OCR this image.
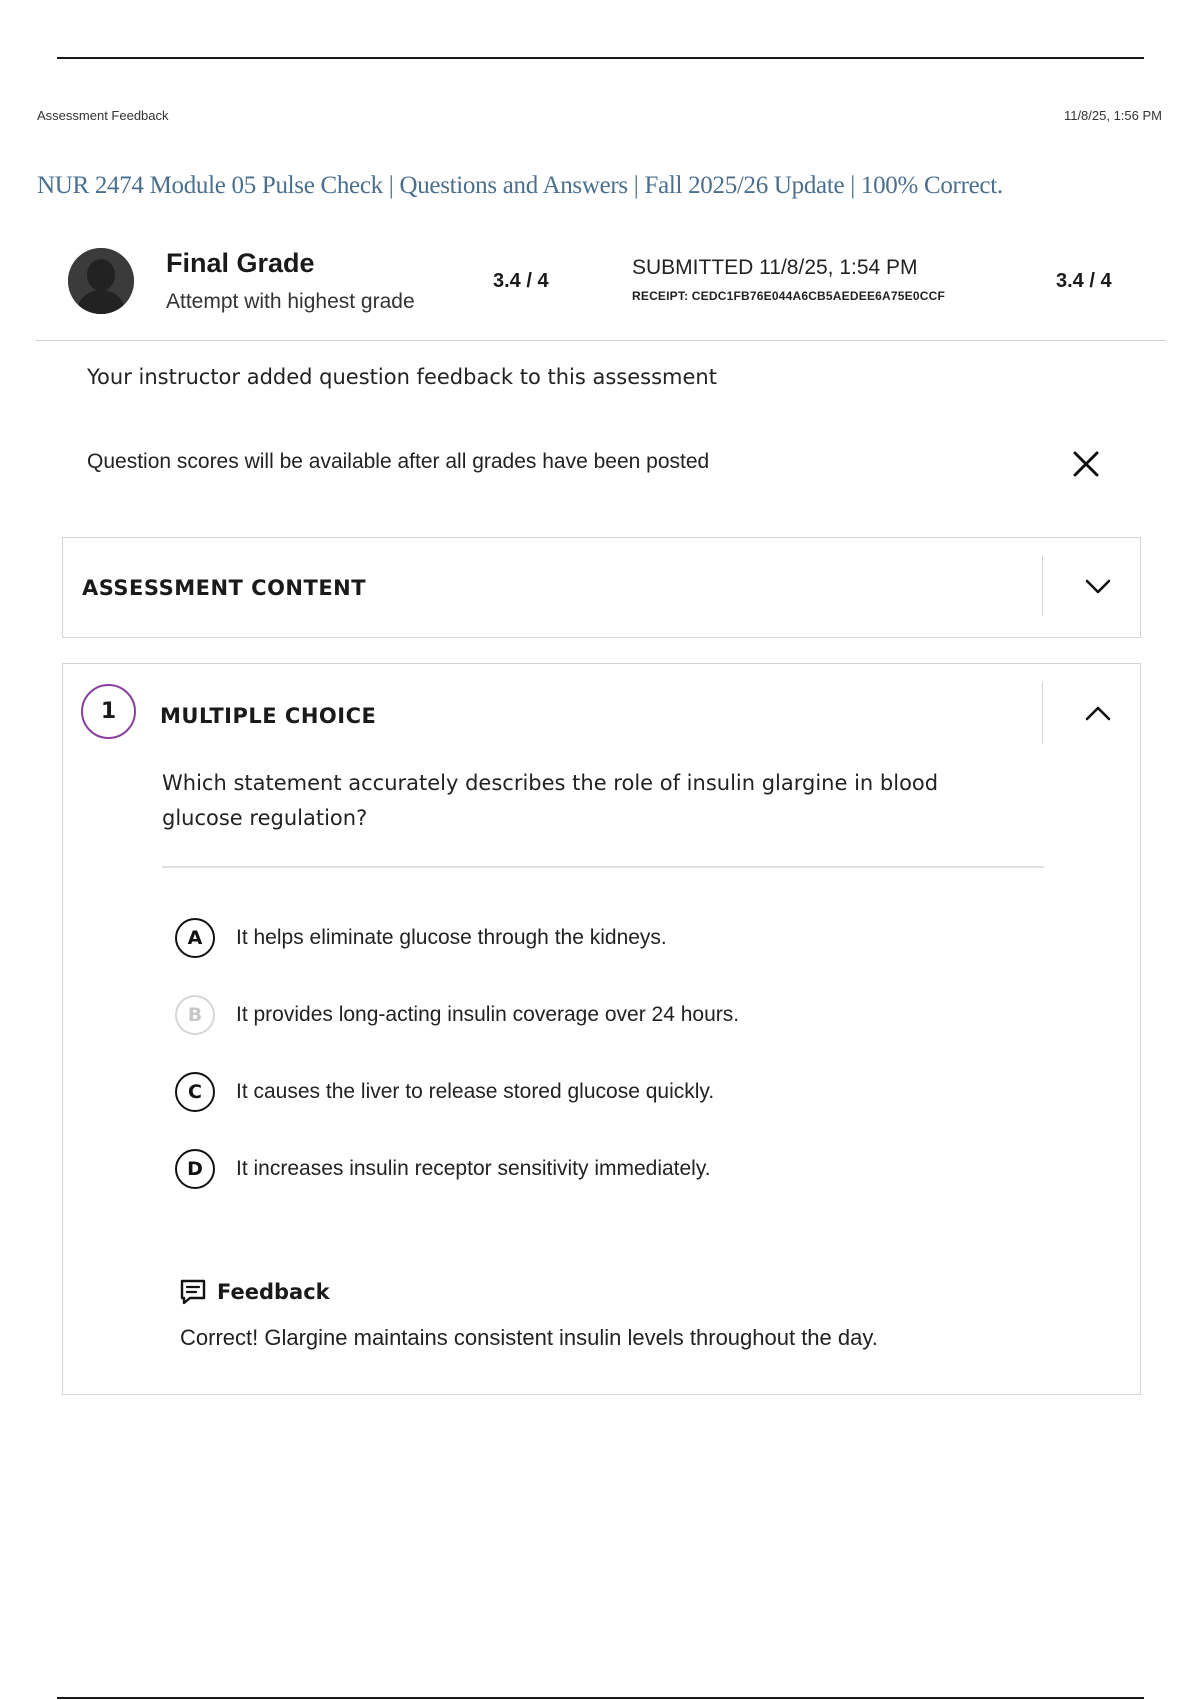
Assessment Feedback	11/8/25, 1:56 PM
NUR 2474 Module 05 Pulse Check | Questions and Answers | Fall 2025/26 Update | 100% Correct.
Final Grade
Attempt with highest grade
3.4 / 4
SUBMITTED 11/8/25, 1:54 PM
RECEIPT: CEDC1FB76E044A6CB5AEDEE6A75E0CCF
3.4 / 4
Your instructor added question feedback to this assessment
Question scores will be available after all grades have been posted
ASSESSMENT CONTENT
1	MULTIPLE CHOICE
Which statement accurately describes the role of insulin glargine in blood glucose regulation?
A	It helps eliminate glucose through the kidneys.
B	It provides long-acting insulin coverage over 24 hours.
C	It causes the liver to release stored glucose quickly.
D	It increases insulin receptor sensitivity immediately.
Feedback
Correct! Glargine maintains consistent insulin levels throughout the day.
